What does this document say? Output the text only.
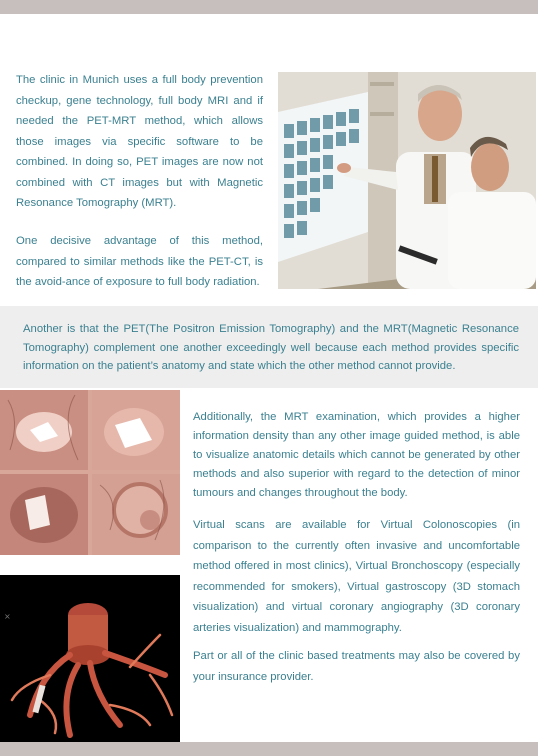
The clinic in Munich uses a full body prevention checkup, gene technology, full body MRI and if needed the PET-MRT method, which allows those images via specific software to be combined. In doing so, PET images are now not combined with CT images but with Magnetic Resonance Tomography (MRT).
One decisive advantage of this method, compared to similar methods like the PET-CT, is the avoid-ance of exposure to full body radiation.
Another is that the PET(The Positron Emission Tomography) and the MRT(Magnetic Resonance Tomography) complement one another exceedingly well because each method provides specific information on the patient’s anatomy and state which the other method cannot provide.
×
Additionally, the MRT examination, which provides a higher information density than any other image guided method, is able to visualize anatomic details which cannot be generated by other methods and also superior with regard to the detection of minor tumours and changes throughout the body.
Virtual scans are available for Virtual Colonoscopies (in comparison to the currently often invasive and uncomfortable method offered in most clinics), Virtual Bronchoscopy (especially recommended for smokers), Virtual gastroscopy (3D stomach visualization) and virtual coronary angiography (3D coronary arteries visualization) and mammography.
Part or all of the clinic based treatments may also be covered by your insurance provider.
